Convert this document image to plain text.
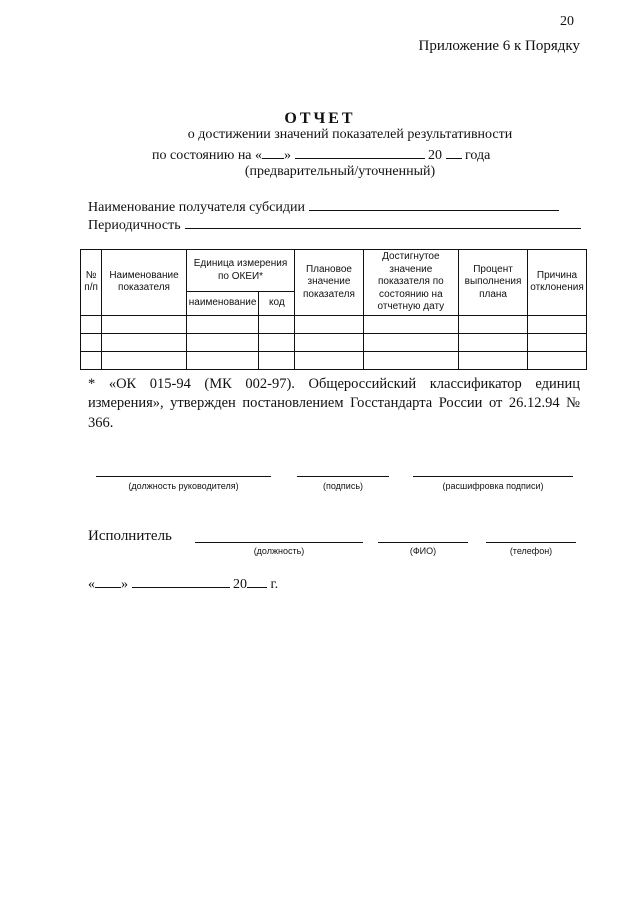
20
Приложение 6 к Порядку
ОТЧЕТ
о достижении значений показателей результативности
по состоянию на « »	20 года
(предварительный/уточненный)
Наименование получателя субсидии
Периодичность
№ п/п	Наименование показателя	Единица измерения по ОКЕИ*		Плановое значение показателя	Достигнутое значение показателя по состоянию на отчетную дату	Процент выполнения плана	Причина отклонения
		наименование	код				

* «ОК 015-94 (МК 002-97). Общероссийский классификатор единиц измерения», утвержден постановлением Госстандарта России от 26.12.94 № 366.
(должность руководителя)	(подпись)	(расшифровка подписи)
Исполнитель
(должность)	(ФИО)	(телефон)
« »	20 г.
